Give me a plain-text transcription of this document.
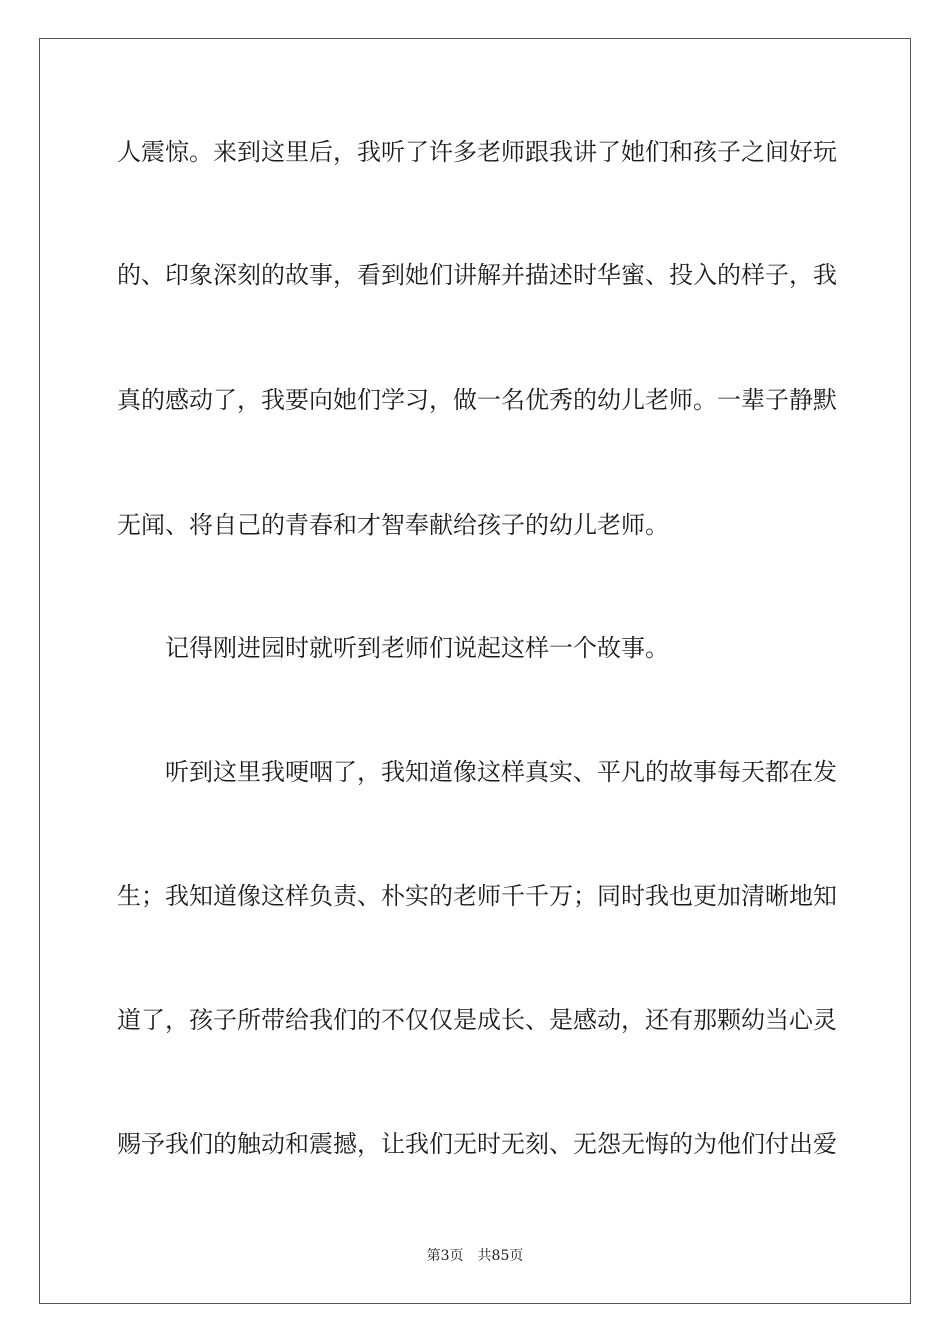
人震惊。来到这里后，我听了许多老师跟我讲了她们和孩子之间好玩
的、印象深刻的故事，看到她们讲解并描述时华蜜、投入的样子，我
真的感动了，我要向她们学习，做一名优秀的幼儿老师。一辈子静默
无闻、将自己的青春和才智奉献给孩子的幼儿老师。
记得刚进园时就听到老师们说起这样一个故事。
听到这里我哽咽了，我知道像这样真实、平凡的故事每天都在发
生；我知道像这样负责、朴实的老师千千万；同时我也更加清晰地知
道了，孩子所带给我们的不仅仅是成长、是感动，还有那颗幼当心灵
赐予我们的触动和震撼，让我们无时无刻、无怨无悔的为他们付出爱
第3页 共85页
